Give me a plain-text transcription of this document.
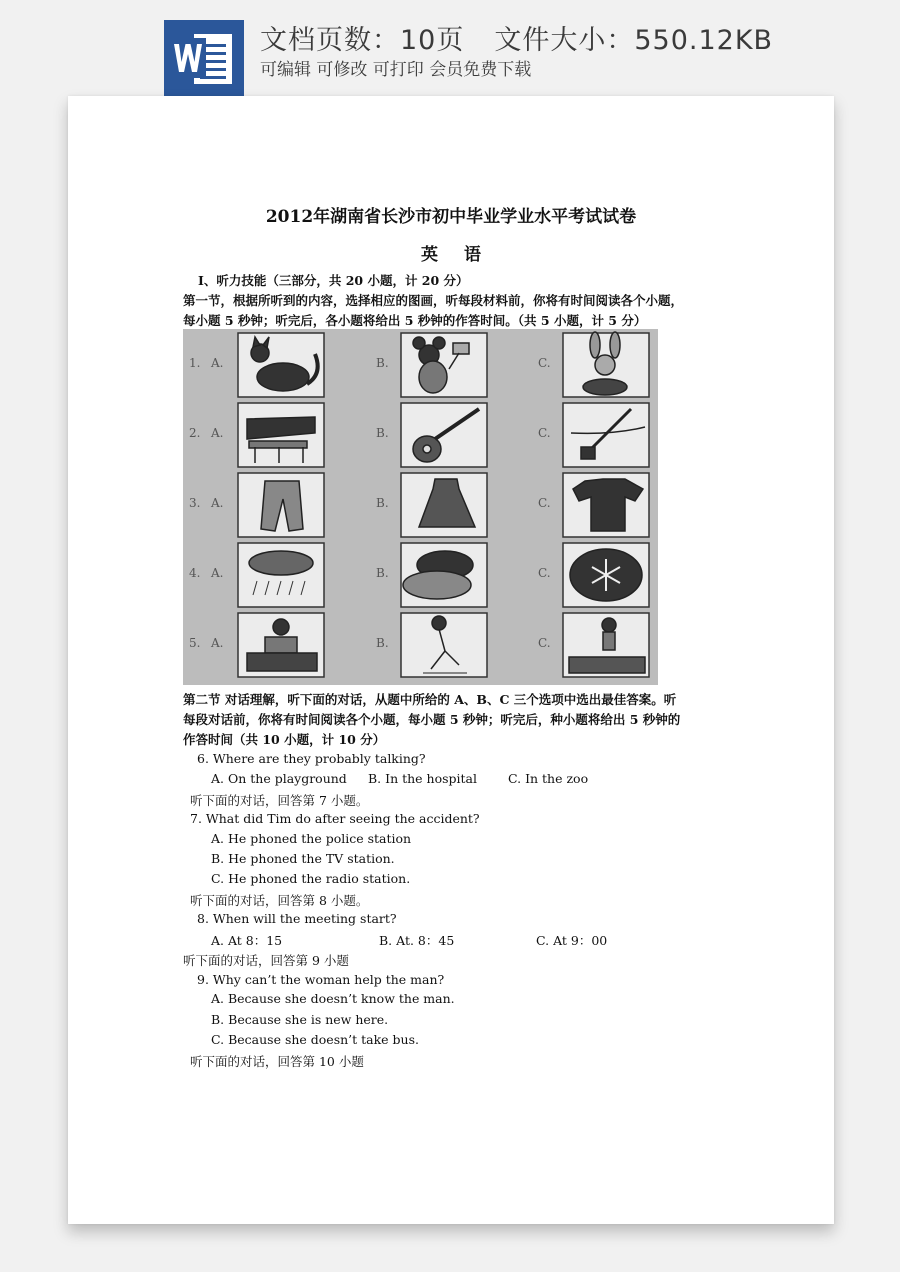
文档页数：10页 文件大小：550.12KB
可编辑 可修改 可打印 会员免费下载
2012年湖南省长沙市初中毕业学业水平考试试卷
英语
Ⅰ、听力技能（三部分，共 20 小题，计 20 分）
第一节，根据所听到的内容，选择相应的图画，听每段材料前，你将有时间阅读各个小题，
每小题 5 秒钟；听完后，各小题将给出 5 秒钟的作答时间。（共 5 小题，计 5 分）
1. A.	B.	C.
2. A.	B.	C.
3. A.	B.	C.
4. A.	B.	C.
5. A.	B.	C.
第二节 对话理解，听下面的对话，从题中所给的 A、B、C 三个选项中选出最佳答案。听
每段对话前，你将有时间阅读各个小题，每小题 5 秒钟；听完后，种小题将给出 5 秒钟的
作答时间（共 10 小题，计 10 分）
6. Where are they probably talking?
A. On the playground B. In the hospital C. In the zoo
听下面的对话，回答第 7 小题。
7. What did Tim do after seeing the accident?
A. He phoned the police station
B. He phoned the TV station.
C. He phoned the radio station.
听下面的对话，回答第 8 小题。
8. When will the meeting start?
A. At 8：15	B. At. 8：45	C. At 9：00
听下面的对话，回答第 9 小题
9. Why can’t the woman help the man?
A. Because she doesn’t know the man.
B. Because she is new here.
C. Because she doesn’t take bus.
听下面的对话，回答第 10 小题
